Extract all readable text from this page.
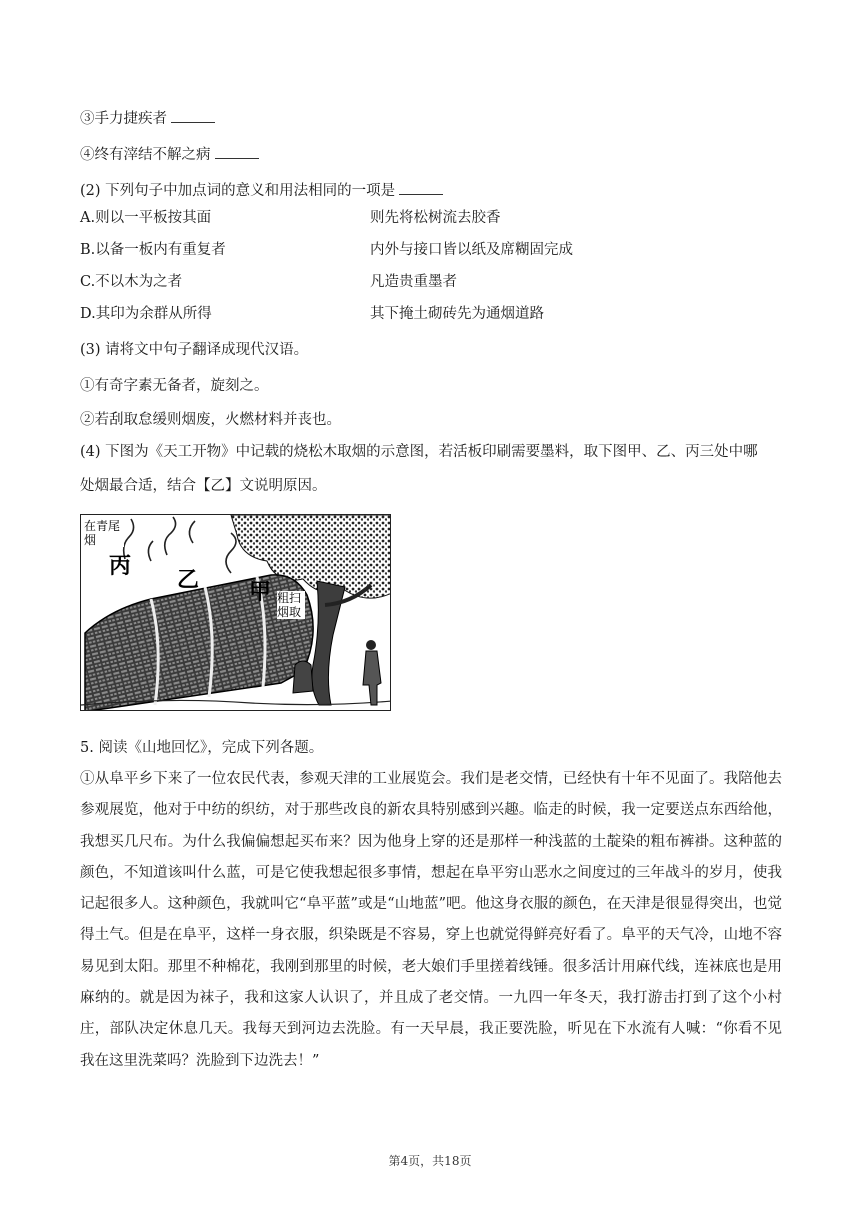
③手力捷疾者
④终有滓结不解之病
(2) 下列句子中加点词的意义和用法相同的一项是
A.则以一平板按其面	则先将松树流去胶香
B.以备一板内有重复者	内外与接口皆以纸及席糊固完成
C.不以木为之者	凡造贵重墨者
D.其印为余群从所得	其下掩土砌砖先为通烟道路
(3) 请将文中句子翻译成现代汉语。
①有奇字素无备者，旋刻之。
②若刮取怠缓则烟废，火燃材料并丧也。
(4) 下图为《天工开物》中记载的烧松木取烟的示意图，若活板印刷需要墨料，取下图甲、乙、丙三处中哪
处烟最合适，结合【乙】文说明原因。
在青尾烟
粗扫烟取
丙
乙 甲
5. 阅读《山地回忆》，完成下列各题。

①从阜平乡下来了一位农民代表，参观天津的工业展览会。我们是老交情，已经快有十年不见面了。我陪他去参观展览，他对于中纺的织纺，对于那些改良的新农具特别感到兴趣。临走的时候，我一定要送点东西给他，我想买几尺布。为什么我偏偏想起买布来？因为他身上穿的还是那样一种浅蓝的土靛染的粗布裤褂。这种蓝的颜色，不知道该叫什么蓝，可是它使我想起很多事情，想起在阜平穷山恶水之间度过的三年战斗的岁月，使我记起很多人。这种颜色，我就叫它“阜平蓝”或是“山地蓝”吧。他这身衣服的颜色，在天津是很显得突出，也觉得土气。但是在阜平，这样一身衣服，织染既是不容易，穿上也就觉得鲜亮好看了。阜平的天气冷，山地不容易见到太阳。那里不种棉花，我刚到那里的时候，老大娘们手里搓着线锤。很多活计用麻代线，连袜底也是用麻纳的。就是因为袜子，我和这家人认识了，并且成了老交情。一九四一年冬天，我打游击打到了这个小村庄，部队决定休息几天。我每天到河边去洗脸。有一天早晨，我正要洗脸，听见在下水流有人喊：“你看不见我在这里洗菜吗？洗脸到下边洗去！”

第4页，共18页
